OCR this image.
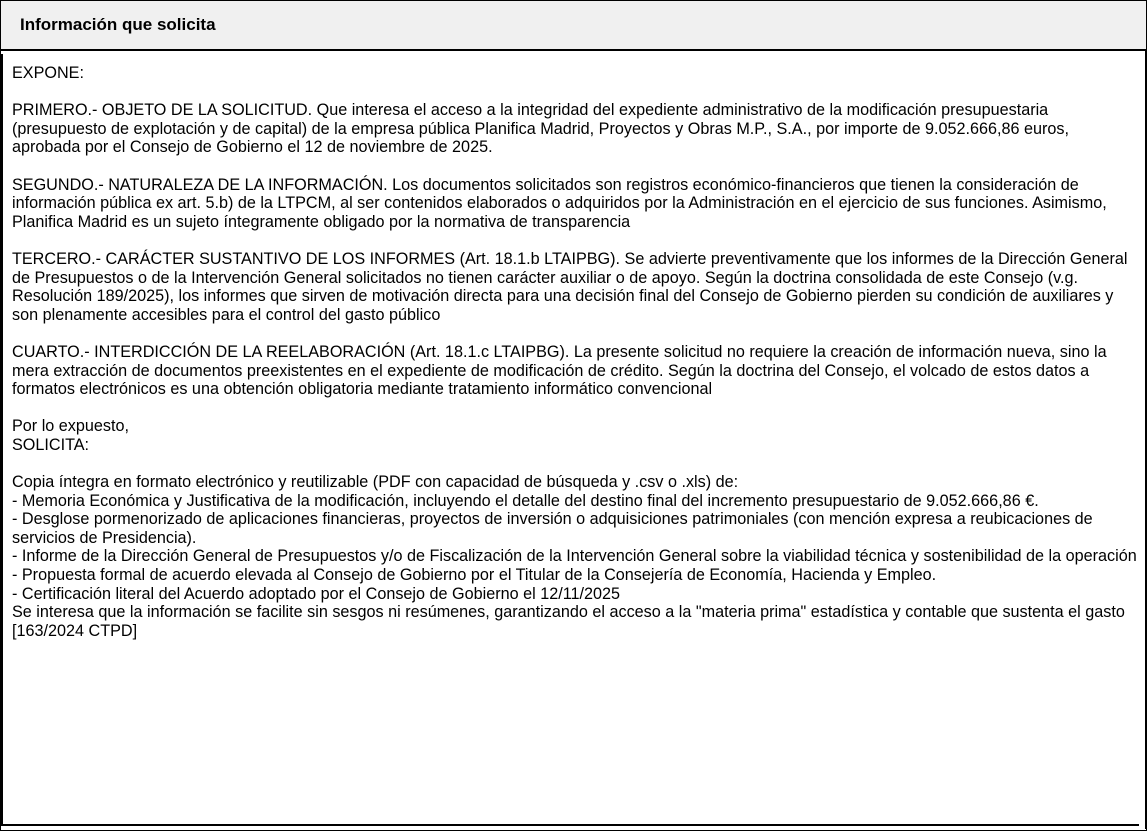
Información que solicita

EXPONE:

PRIMERO.- OBJETO DE LA SOLICITUD. Que interesa el acceso a la integridad del expediente administrativo de la modificación presupuestaria (presupuesto de explotación y de capital) de la empresa pública Planifica Madrid, Proyectos y Obras M.P., S.A., por importe de 9.052.666,86 euros, aprobada por el Consejo de Gobierno el 12 de noviembre de 2025.

SEGUNDO.- NATURALEZA DE LA INFORMACIÓN. Los documentos solicitados son registros económico-financieros que tienen la consideración de información pública ex art. 5.b) de la LTPCM, al ser contenidos elaborados o adquiridos por la Administración en el ejercicio de sus funciones. Asimismo, Planifica Madrid es un sujeto íntegramente obligado por la normativa de transparencia

TERCERO.- CARÁCTER SUSTANTIVO DE LOS INFORMES (Art. 18.1.b LTAIPBG). Se advierte preventivamente que los informes de la Dirección General de Presupuestos o de la Intervención General solicitados no tienen carácter auxiliar o de apoyo. Según la doctrina consolidada de este Consejo (v.g. Resolución 189/2025), los informes que sirven de motivación directa para una decisión final del Consejo de Gobierno pierden su condición de auxiliares y son plenamente accesibles para el control del gasto público

CUARTO.- INTERDICCIÓN DE LA REELABORACIÓN (Art. 18.1.c LTAIPBG). La presente solicitud no requiere la creación de información nueva, sino la mera extracción de documentos preexistentes en el expediente de modificación de crédito. Según la doctrina del Consejo, el volcado de estos datos a formatos electrónicos es una obtención obligatoria mediante tratamiento informático convencional

Por lo expuesto,

SOLICITA:

Copia íntegra en formato electrónico y reutilizable (PDF con capacidad de búsqueda y .csv o .xls) de:

- Memoria Económica y Justificativa de la modificación, incluyendo el detalle del destino final del incremento presupuestario de 9.052.666,86 €.

- Desglose pormenorizado de aplicaciones financieras, proyectos de inversión o adquisiciones patrimoniales (con mención expresa a reubicaciones de servicios de Presidencia).

- Informe de la Dirección General de Presupuestos y/o de Fiscalización de la Intervención General sobre la viabilidad técnica y sostenibilidad de la operación

- Propuesta formal de acuerdo elevada al Consejo de Gobierno por el Titular de la Consejería de Economía, Hacienda y Empleo.

- Certificación literal del Acuerdo adoptado por el Consejo de Gobierno el 12/11/2025

Se interesa que la información se facilite sin sesgos ni resúmenes, garantizando el acceso a la "materia prima" estadística y contable que sustenta el gasto [163/2024 CTPD]
